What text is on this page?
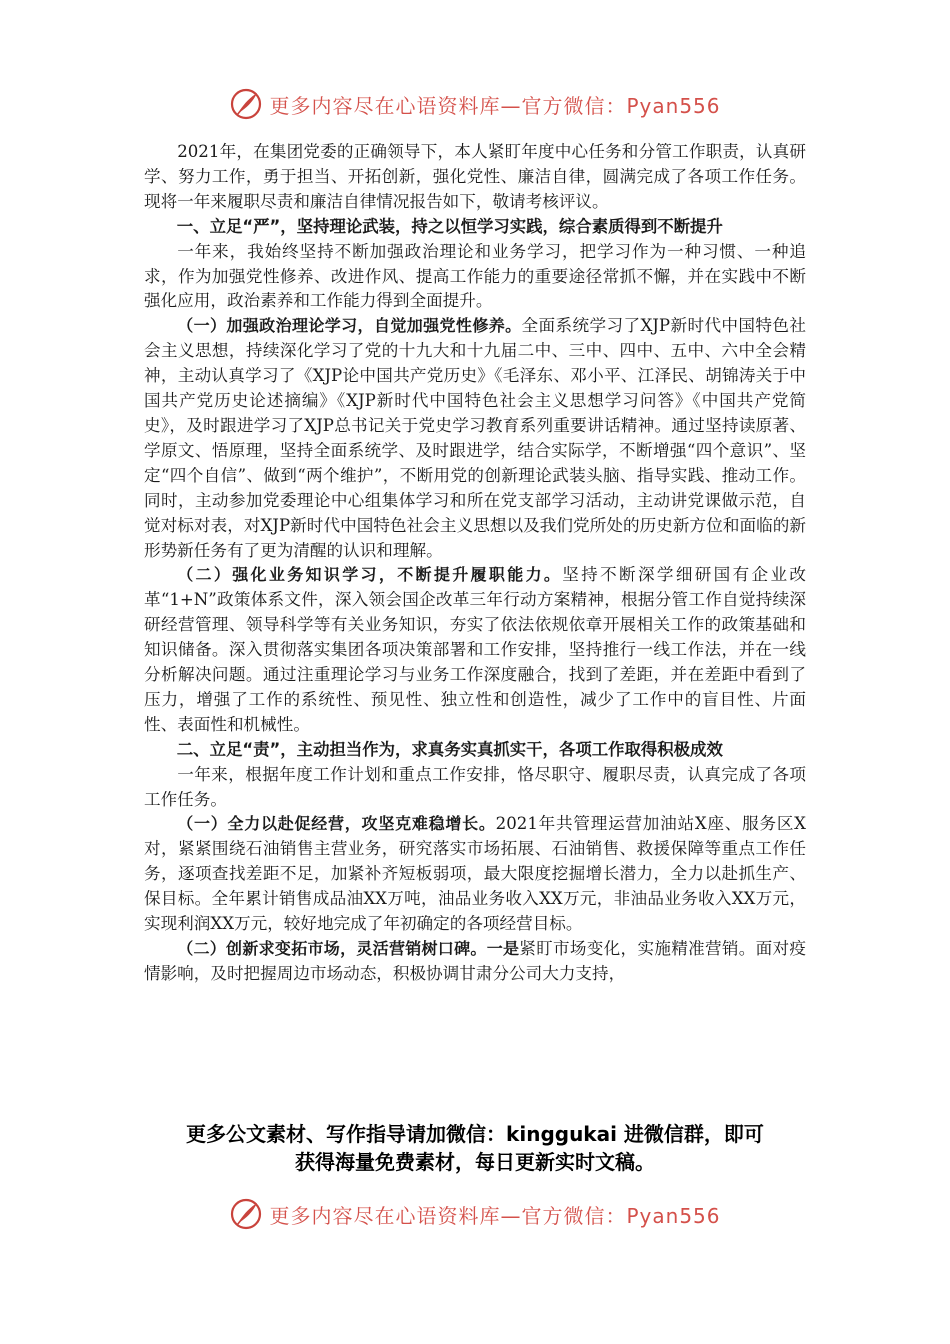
更多内容尽在心语资料库—官方微信：Pyan556

2021年，在集团党委的正确领导下，本人紧盯年度中心任务和分管工作职责，认真研学、努力工作，勇于担当、开拓创新，强化党性、廉洁自律，圆满完成了各项工作任务。现将一年来履职尽责和廉洁自律情况报告如下，敬请考核评议。

一、立足“严”，坚持理论武装，持之以恒学习实践，综合素质得到不断提升

一年来，我始终坚持不断加强政治理论和业务学习，把学习作为一种习惯、一种追求，作为加强党性修养、改进作风、提高工作能力的重要途径常抓不懈，并在实践中不断强化应用，政治素养和工作能力得到全面提升。

（一）加强政治理论学习，自觉加强党性修养。全面系统学习了XJP新时代中国特色社会主义思想，持续深化学习了党的十九大和十九届二中、三中、四中、五中、六中全会精神，主动认真学习了《XJP论中国共产党历史》《毛泽东、邓小平、江泽民、胡锦涛关于中国共产党历史论述摘编》《XJP新时代中国特色社会主义思想学习问答》《中国共产党简史》，及时跟进学习了XJP总书记关于党史学习教育系列重要讲话精神。通过坚持读原著、学原文、悟原理，坚持全面系统学、及时跟进学，结合实际学，不断增强“四个意识”、坚定“四个自信”、做到“两个维护”，不断用党的创新理论武装头脑、指导实践、推动工作。同时，主动参加党委理论中心组集体学习和所在党支部学习活动，主动讲党课做示范，自觉对标对表，对XJP新时代中国特色社会主义思想以及我们党所处的历史新方位和面临的新形势新任务有了更为清醒的认识和理解。

（二）强化业务知识学习，不断提升履职能力。坚持不断深学细研国有企业改革“1+N”政策体系文件，深入领会国企改革三年行动方案精神，根据分管工作自觉持续深研经营管理、领导科学等有关业务知识，夯实了依法依规依章开展相关工作的政策基础和知识储备。深入贯彻落实集团各项决策部署和工作安排，坚持推行一线工作法，并在一线分析解决问题。通过注重理论学习与业务工作深度融合，找到了差距，并在差距中看到了压力，增强了工作的系统性、预见性、独立性和创造性，减少了工作中的盲目性、片面性、表面性和机械性。

二、立足“责”，主动担当作为，求真务实真抓实干，各项工作取得积极成效

一年来，根据年度工作计划和重点工作安排，恪尽职守、履职尽责，认真完成了各项工作任务。

（一）全力以赴促经营，攻坚克难稳增长。2021年共管理运营加油站X座、服务区X对，紧紧围绕石油销售主营业务，研究落实市场拓展、石油销售、救援保障等重点工作任务，逐项查找差距不足，加紧补齐短板弱项，最大限度挖掘增长潜力，全力以赴抓生产、保目标。全年累计销售成品油XX万吨，油品业务收入XX万元，非油品业务收入XX万元，实现利润XX万元，较好地完成了年初确定的各项经营目标。

（二）创新求变拓市场，灵活营销树口碑。一是紧盯市场变化，实施精准营销。面对疫情影响，及时把握周边市场动态，积极协调甘肃分公司大力支持，

更多公文素材、写作指导请加微信：kinggukai 进微信群，即可
获得海量免费素材，每日更新实时文稿。
更多内容尽在心语资料库—官方微信：Pyan556
